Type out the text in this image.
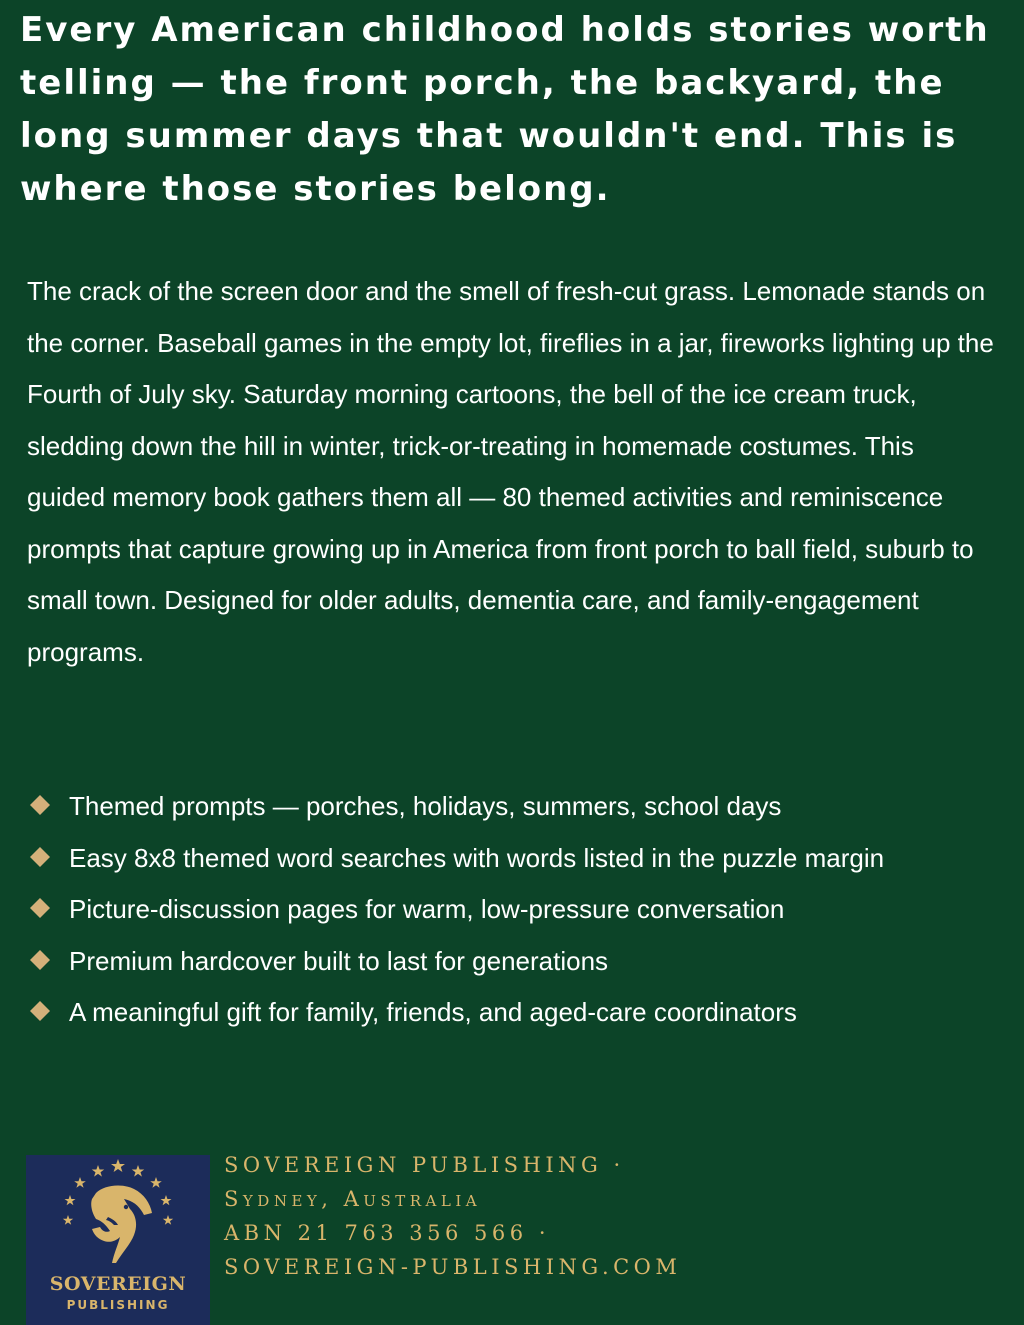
Every American childhood holds stories worth telling — the front porch, the backyard, the long summer days that wouldn't end. This is where those stories belong.

The crack of the screen door and the smell of fresh-cut grass. Lemonade stands on the corner. Baseball games in the empty lot, fireflies in a jar, fireworks lighting up the Fourth of July sky. Saturday morning cartoons, the bell of the ice cream truck, sledding down the hill in winter, trick-or-treating in homemade costumes. This guided memory book gathers them all — 80 themed activities and reminiscence prompts that capture growing up in America from front porch to ball field, suburb to small town. Designed for older adults, dementia care, and family-engagement programs.

Themed prompts — porches, holidays, summers, school days
Easy 8x8 themed word searches with words listed in the puzzle margin
Picture-discussion pages for warm, low-pressure conversation
Premium hardcover built to last for generations
A meaningful gift for family, friends, and aged-care coordinators
SOVEREIGN
PUBLISHING
SOVEREIGN PUBLISHING ·
Sydney, Australia
ABN 21 763 356 566 ·
SOVEREIGN-PUBLISHING.COM
